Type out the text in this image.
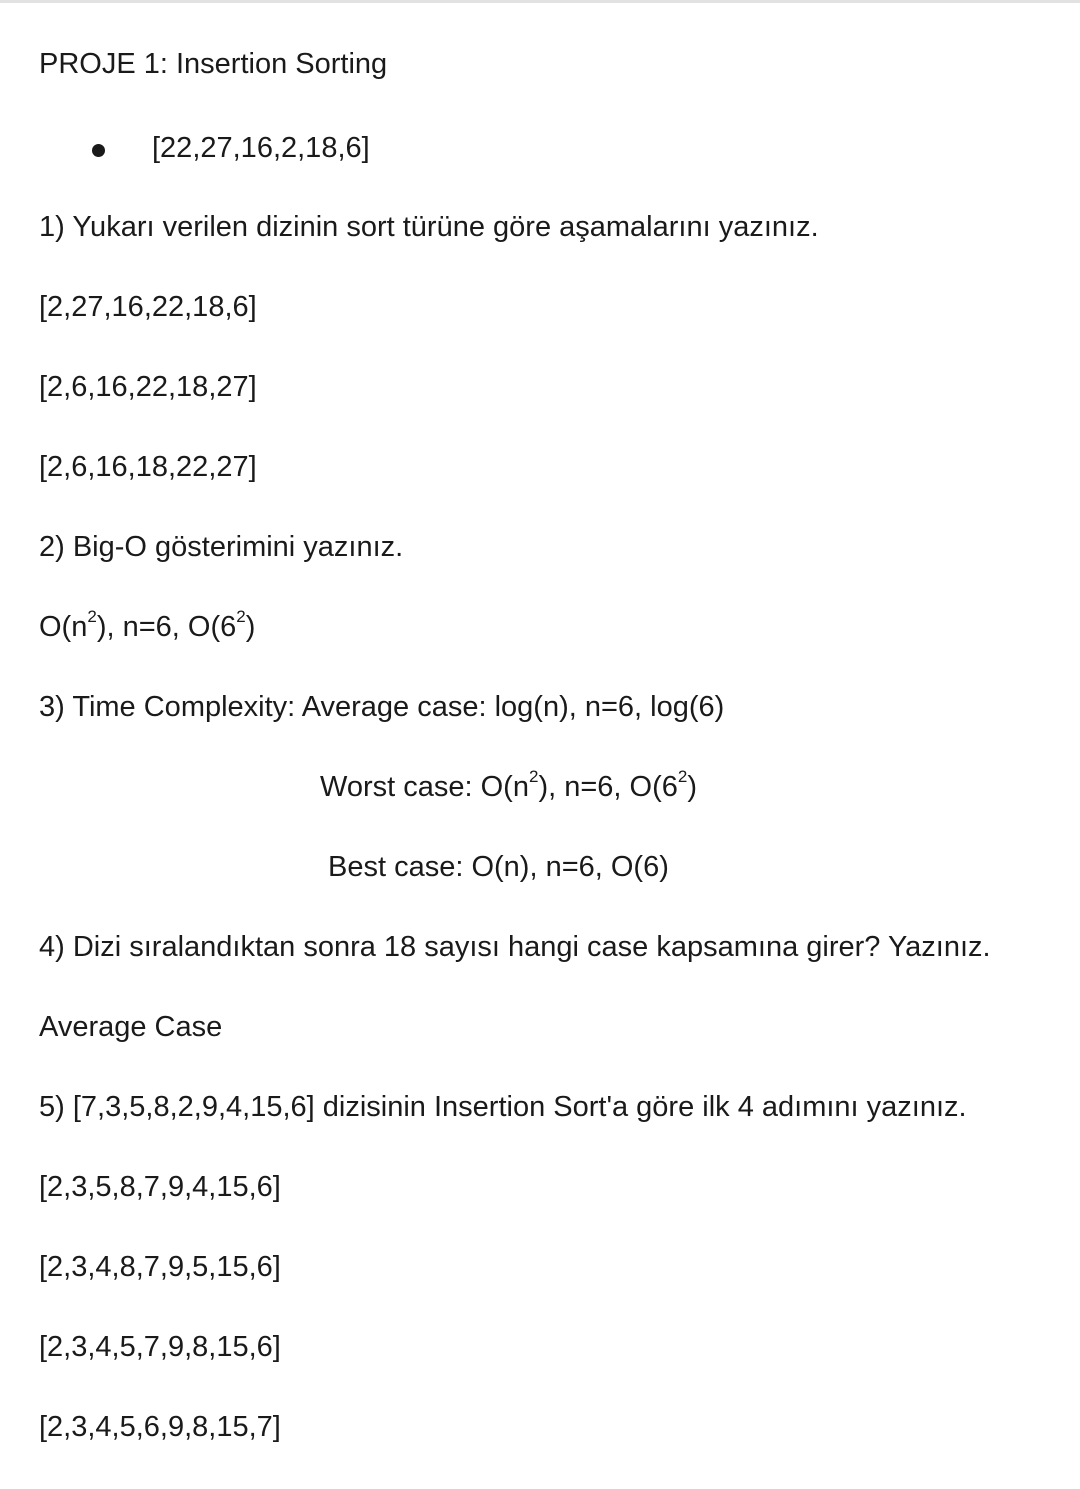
PROJE 1: Insertion Sorting

[22,27,16,2,18,6]

1) Yukarı verilen dizinin sort türüne göre aşamalarını yazınız.

[2,27,16,22,18,6]

[2,6,16,22,18,27]

[2,6,16,18,22,27]

2) Big-O gösterimini yazınız.

$O(n^2)$, n=6, $O(6^2)$

3) Time Complexity: Average case: log(n), n=6, log(6)

Worst case: $O(n^2)$, n=6, $O(6^2)$

Best case: O(n), n=6, O(6)

4) Dizi sıralandıktan sonra 18 sayısı hangi case kapsamına girer? Yazınız.

Average Case

5) [7,3,5,8,2,9,4,15,6] dizisinin Insertion Sort'a göre ilk 4 adımını yazınız.

[2,3,5,8,7,9,4,15,6]

[2,3,4,8,7,9,5,15,6]

[2,3,4,5,7,9,8,15,6]

[2,3,4,5,6,9,8,15,7]
